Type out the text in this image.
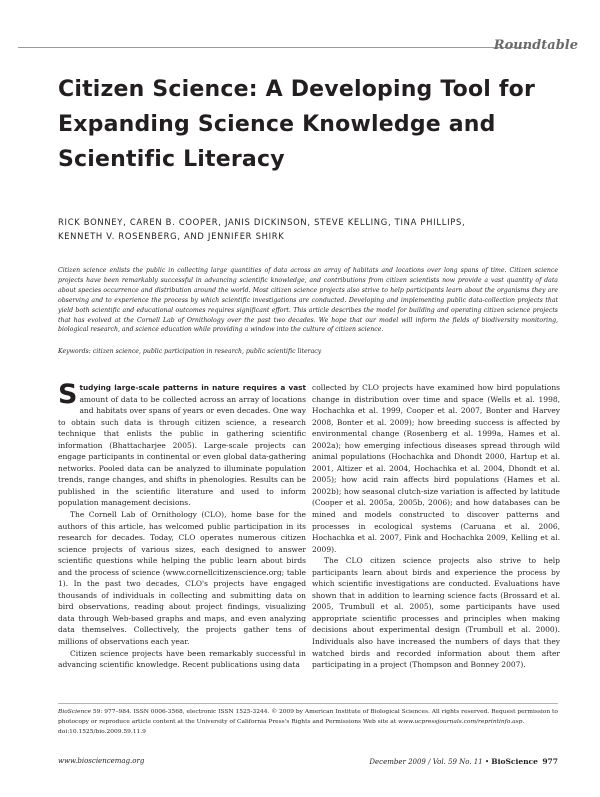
Roundtable
Citizen Science: A Developing Tool for Expanding Science Knowledge and Scientific Literacy
RICK BONNEY, CAREN B. COOPER, JANIS DICKINSON, STEVE KELLING, TINA PHILLIPS,
KENNETH V. ROSENBERG, AND JENNIFER SHIRK

Citizen science enlists the public in collecting large quantities of data across an array of habitats and locations over long spans of time. Citizen science projects have been remarkably successful in advancing scientific knowledge, and contributions from citizen scientists now provide a vast quantity of data about species occurrence and distribution around the world. Most citizen science projects also strive to help participants learn about the organisms they are observing and to experience the process by which scientific investigations are conducted. Developing and implementing public data-collection projects that yield both scientific and educational outcomes requires significant effort. This article describes the model for building and operating citizen science projects that has evolved at the Cornell Lab of Ornithology over the past two decades. We hope that our model will inform the fields of biodiversity monitoring, biological research, and science education while providing a window into the culture of citizen science.

Keywords: citizen science, public participation in research, public scientific literacy

Studying large-scale patterns in nature requires a vast amount of data to be collected across an array of locations and habitats over spans of years or even decades. One way to obtain such data is through citizen science, a research technique that enlists the public in gathering scientific information (Bhattacharjee 2005). Large-scale projects can engage participants in continental or even global data-gathering networks. Pooled data can be analyzed to illuminate population trends, range changes, and shifts in phenologies. Results can be published in the scientific literature and used to inform population management decisions.

The Cornell Lab of Ornithology (CLO), home base for the authors of this article, has welcomed public participation in its research for decades. Today, CLO operates numerous citizen science projects of various sizes, each designed to answer scientific questions while helping the public learn about birds and the process of science (www.cornellcitizenscience.org; table 1). In the past two decades, CLO's projects have engaged thousands of individuals in collecting and submitting data on bird observations, reading about project findings, visualizing data through Web-based graphs and maps, and even analyzing data themselves. Collectively, the projects gather tens of millions of observations each year.

Citizen science projects have been remarkably successful in advancing scientific knowledge. Recent publications using data

collected by CLO projects have examined how bird populations change in distribution over time and space (Wells et al. 1998, Hochachka et al. 1999, Cooper et al. 2007, Bonter and Harvey 2008, Bonter et al. 2009); how breeding success is affected by environmental change (Rosenberg et al. 1999a, Hames et al. 2002a); how emerging infectious diseases spread through wild animal populations (Hochachka and Dhondt 2000, Hartup et al. 2001, Altizer et al. 2004, Hochachka et al. 2004, Dhondt et al. 2005); how acid rain affects bird populations (Hames et al. 2002b); how seasonal clutch-size variation is affected by latitude (Cooper et al. 2005a, 2005b, 2006); and how databases can be mined and models constructed to discover patterns and processes in ecological systems (Caruana et al. 2006, Hochachka et al. 2007, Fink and Hochachka 2009, Kelling et al. 2009).

The CLO citizen science projects also strive to help participants learn about birds and experience the process by which scientific investigations are conducted. Evaluations have shown that in addition to learning science facts (Brossard et al. 2005, Trumbull et al. 2005), some participants have used appropriate scientific processes and principles when making decisions about experimental design (Trumbull et al. 2000). Individuals also have increased the numbers of days that they watched birds and recorded information about them after participating in a project (Thompson and Bonney 2007).

BioScience 59: 977–984. ISSN 0006-3568, electronic ISSN 1525-3244. © 2009 by American Institute of Biological Sciences. All rights reserved. Request permission to photocopy or reproduce article content at the University of California Press's Rights and Permissions Web site at www.ucpressjournals.com/reprintinfo.asp. doi:10.1525/bio.2009.59.11.9

www.biosciencemag.org	December 2009 / Vol. 59 No. 11 • BioScience 977
